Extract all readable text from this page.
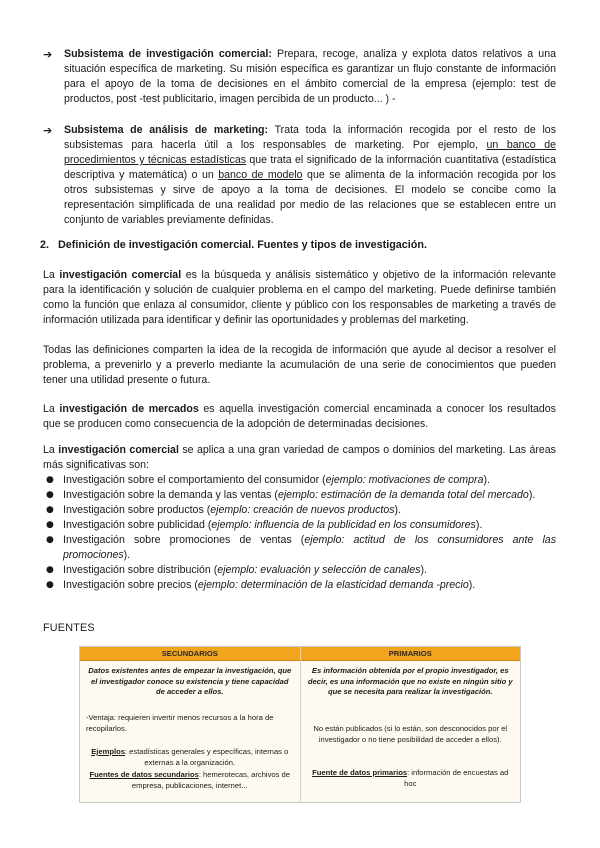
➔	Subsistema de investigación comercial: Prepara, recoge, analiza y explota datos relativos a una situación específica de marketing. Su misión específica es garantizar un flujo constante de información para el apoyo de la toma de decisiones en el ámbito comercial de la empresa (ejemplo: test de productos, post -test publicitario, imagen percibida de un producto... ) -
➔	Subsistema de análisis de marketing: Trata toda la información recogida por el resto de los subsistemas para hacerla útil a los responsables de marketing. Por ejemplo, un banco de procedimientos y técnicas estadísticas que trata el significado de la información cuantitativa (estadística descriptiva y matemática) o un banco de modelo que se alimenta de la información recogida por los otros subsistemas y sirve de apoyo a la toma de decisiones. El modelo se concibe como la representación simplificada de una realidad por medio de las relaciones que se establecen entre un conjunto de variables previamente definidas.
2.   Definición de investigación comercial. Fuentes y tipos de investigación.
La investigación comercial es la búsqueda y análisis sistemático y objetivo de la información relevante para la identificación y solución de cualquier problema en el campo del marketing. Puede definirse también como la función que enlaza al consumidor, cliente y público con los responsables de marketing a través de información utilizada para identificar y definir las oportunidades y problemas del marketing.
Todas las definiciones comparten la idea de la recogida de información que ayude al decisor a resolver el problema, a prevenirlo y a preverlo mediante la acumulación de una serie de conocimientos que pueden tener una utilidad presente o futura.
La investigación de mercados es aquella investigación comercial encaminada a conocer los resultados que se producen como consecuencia de la adopción de determinadas decisiones.
La investigación comercial se aplica a una gran variedad de campos o dominios del marketing. Las áreas más significativas son:
● Investigación sobre el comportamiento del consumidor (ejemplo: motivaciones de compra).
● Investigación sobre la demanda y las ventas (ejemplo: estimación de la demanda total del mercado).
● Investigación sobre productos (ejemplo: creación de nuevos productos).
● Investigación sobre publicidad (ejemplo: influencia de la publicidad en los consumidores).
● Investigación sobre promociones de ventas (ejemplo: actitud de los consumidores ante las promociones).
● Investigación sobre distribución (ejemplo: evaluación y selección de canales).
● Investigación sobre precios (ejemplo: determinación de la elasticidad demanda -precio).
FUENTES
SECUNDARIOS
Datos existentes antes de empezar la investigación, que el investigador conoce su existencia y tiene capacidad de acceder a ellos.
-Ventaja: requieren invertir menos recursos a la hora de recopilarlos.
Ejemplos: estadísticas generales y específicas, internas o externas a la organización.
Fuentes de datos secundarios: hemerotecas, archivos de empresa, publicaciones, internet...
PRIMARIOS
Es información obtenida por el propio investigador, es decir, es una información que no existe en ningún sitio y que se necesita para realizar la investigación.
No están publicados (si lo están, son desconocidos por el investigador o no tiene posibilidad de acceder a ellos).
Fuente de datos primarios: información de encuestas ad hoc
